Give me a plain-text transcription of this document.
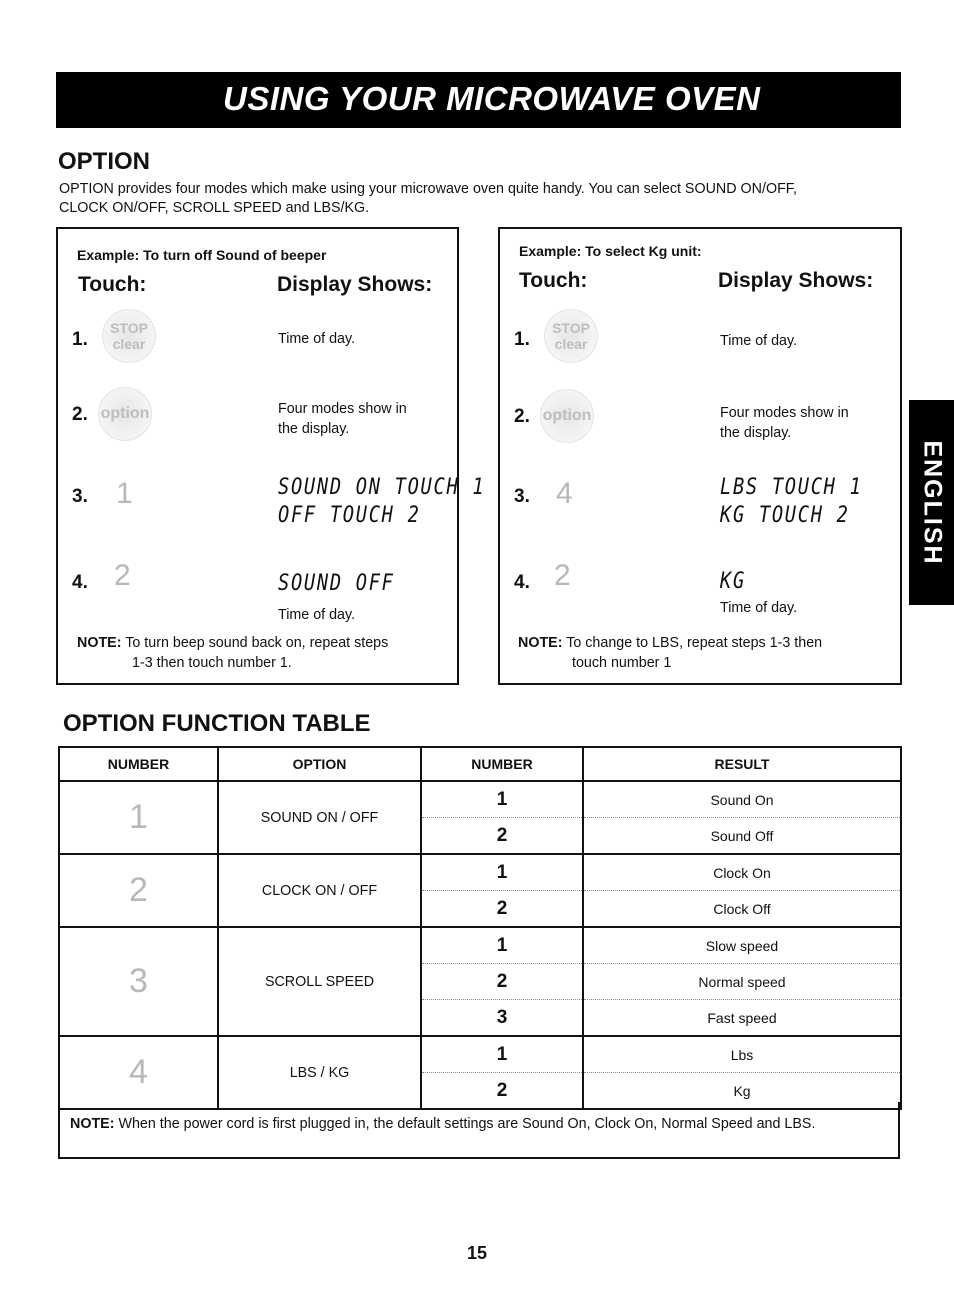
USING YOUR MICROWAVE OVEN
ENGLISH
OPTION
OPTION provides four modes which make using your microwave oven quite handy. You can select SOUND ON/OFF, CLOCK ON/OFF, SCROLL SPEED and LBS/KG.
Example: To turn off Sound of beeper
Touch:	Display Shows:
1.
STOP
clear	Time of day.
2. option	Four modes show in
the display.
3. 1	SOUND ON TOUCH 1
OFF TOUCH 2
4. 2	SOUND OFF
Time of day.
NOTE: To turn beep sound back on, repeat steps
1-3 then touch number 1.
Example: To select Kg unit:
Touch:	Display Shows:
1.
STOP
clear	Time of day.
2. option	Four modes show in
the display.
3. 4	LBS TOUCH 1
KG TOUCH 2
4. 2	KG
Time of day.
NOTE: To change to LBS, repeat steps 1-3 then
touch number 1
OPTION FUNCTION TABLE
NUMBER	OPTION	NUMBER	RESULT
1	SOUND ON / OFF	1	Sound On
		2	Sound Off
2	CLOCK ON / OFF	1	Clock On
		2	Clock Off
3	SCROLL SPEED	1	Slow speed
		2	Normal speed
		3	Fast speed
4	LBS / KG	1	Lbs
		2	Kg
NOTE: When the power cord is first plugged in, the default settings are Sound On, Clock On, Normal Speed and LBS.
15
